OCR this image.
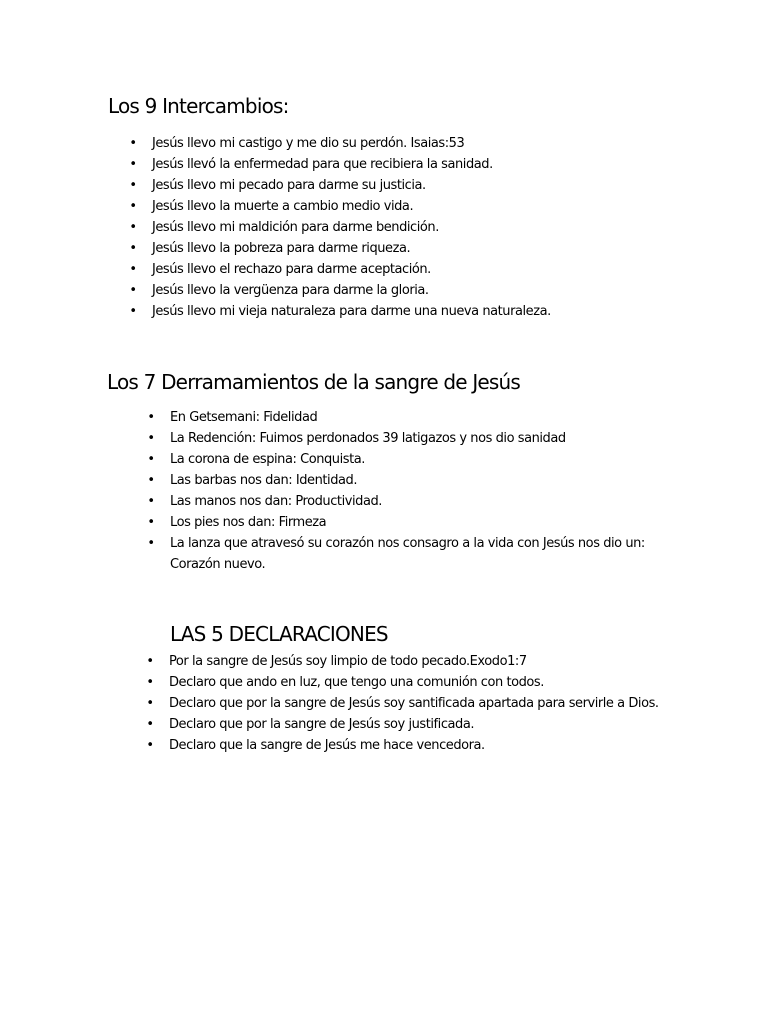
Los 9 Intercambios:
• Jesús llevo mi castigo y me dio su perdón. Isaias:53
• Jesús llevó la enfermedad para que recibiera la sanidad.
• Jesús llevo mi pecado para darme su justicia.
• Jesús llevo la muerte a cambio medio vida.
• Jesús llevo mi maldición para darme bendición.
• Jesús llevo la pobreza para darme riqueza.
• Jesús llevo el rechazo para darme aceptación.
• Jesús llevo la vergüenza para darme la gloria.
• Jesús llevo mi vieja naturaleza para darme una nueva naturaleza.
Los 7 Derramamientos de la sangre de Jesús
• En Getsemani: Fidelidad
• La Redención: Fuimos perdonados 39 latigazos y nos dio sanidad
• La corona de espina: Conquista.
• Las barbas nos dan: Identidad.
• Las manos nos dan: Productividad.
• Los pies nos dan: Firmeza
• La lanza que atravesó su corazón nos consagro a la vida con Jesús nos dio un: Corazón nuevo.
LAS 5 DECLARACIONES
• Por la sangre de Jesús soy limpio de todo pecado.Exodo1:7
• Declaro que ando en luz, que tengo una comunión con todos.
• Declaro que por la sangre de Jesús soy santificada apartada para servirle a Dios.
• Declaro que por la sangre de Jesús soy justificada.
• Declaro que la sangre de Jesús me hace vencedora.
